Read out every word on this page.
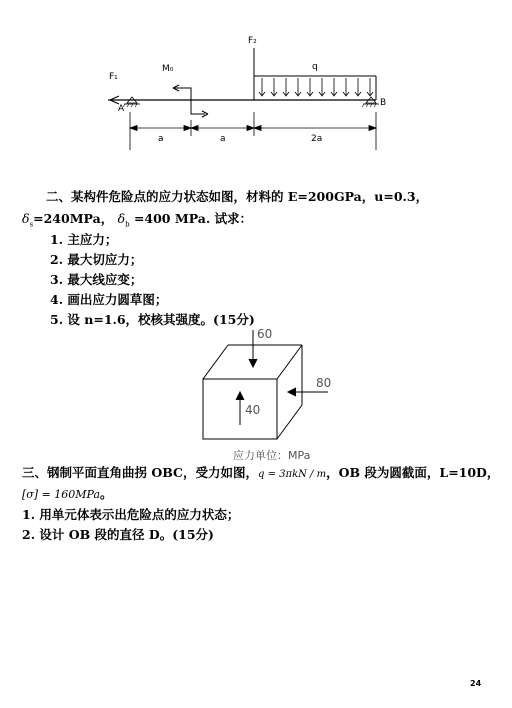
F₂
F₁
M₀	q
A
B
a	a	2a
二、某构件危险点的应力状态如图，材料的 E=200GPa，u=0.3，
$\delta_s=240MPa$， $\delta_b =400$ MPa. 试求：
1. 主应力；
2. 最大切应力；
3. 最大线应变；
4. 画出应力圆草图；
5. 设 n=1.6，校核其强度。(15分)
60
80
40
应力单位：MPa
三、钢制平面直角曲拐 OBC，受力如图，q = 3πkN / m，OB 段为圆截面，L=10D，
[σ] = 160MPa。
1. 用单元体表示出危险点的应力状态；
2. 设计 OB 段的直径 D。(15分)
24
